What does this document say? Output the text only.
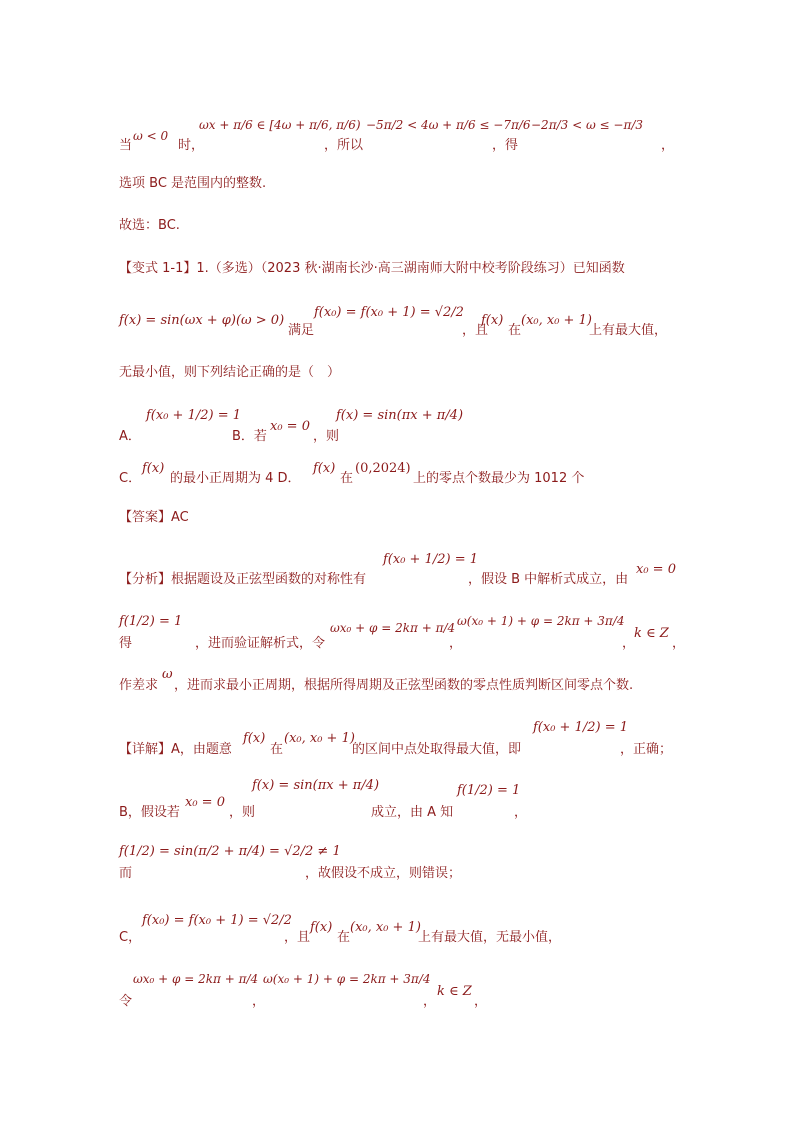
当
ω < 0
时，
ωx + π/6 ∈ [4ω + π/6, π/6)
，所以
−5π/2 < 4ω + π/6 ≤ −7π/6
，得
−2π/3 < ω ≤ −π/3
，
选项 BC 是范围内的整数.
故选：BC.
【变式 1-1】1.（多选）（2023 秋·湖南长沙·高三湖南师大附中校考阶段练习）已知函数
f(x) = sin(ωx + φ)(ω > 0)
满足
f(x₀) = f(x₀ + 1) = √2/2
，且
f(x)
在
(x₀, x₀ + 1)
上有最大值，
无最小值，则下列结论正确的是（　）
A．
f(x₀ + 1/2) = 1
B．若
x₀ = 0
，则
f(x) = sin(πx + π/4)
C．
f(x)
的最小正周期为 4 D．
f(x)
在
(0,2024)
上的零点个数最少为 1012 个
【答案】AC
【分析】根据题设及正弦型函数的对称性有
f(x₀ + 1/2) = 1
，假设 B 中解析式成立，由
x₀ = 0
f(1/2) = 1
得	，进而验证解析式，令
ωx₀ + φ = 2kπ + π/4
，
ω(x₀ + 1) + φ = 2kπ + 3π/4
，
k ∈ Z
，
作差求
ω
，进而求最小正周期，根据所得周期及正弦型函数的零点性质判断区间零点个数.
【详解】A，由题意
f(x)
在
(x₀, x₀ + 1)
的区间中点处取得最大值，即
f(x₀ + 1/2) = 1
，正确；
B，假设若
x₀ = 0
，则
f(x) = sin(πx + π/4)
成立，由 A 知
f(1/2) = 1
，
而
f(1/2) = sin(π/2 + π/4) = √2/2 ≠ 1
，故假设不成立，则错误；
C，
f(x₀) = f(x₀ + 1) = √2/2
，且
f(x)
在
(x₀, x₀ + 1)
上有最大值，无最小值，
令
ωx₀ + φ = 2kπ + π/4
，
ω(x₀ + 1) + φ = 2kπ + 3π/4
，
k ∈ Z
，
